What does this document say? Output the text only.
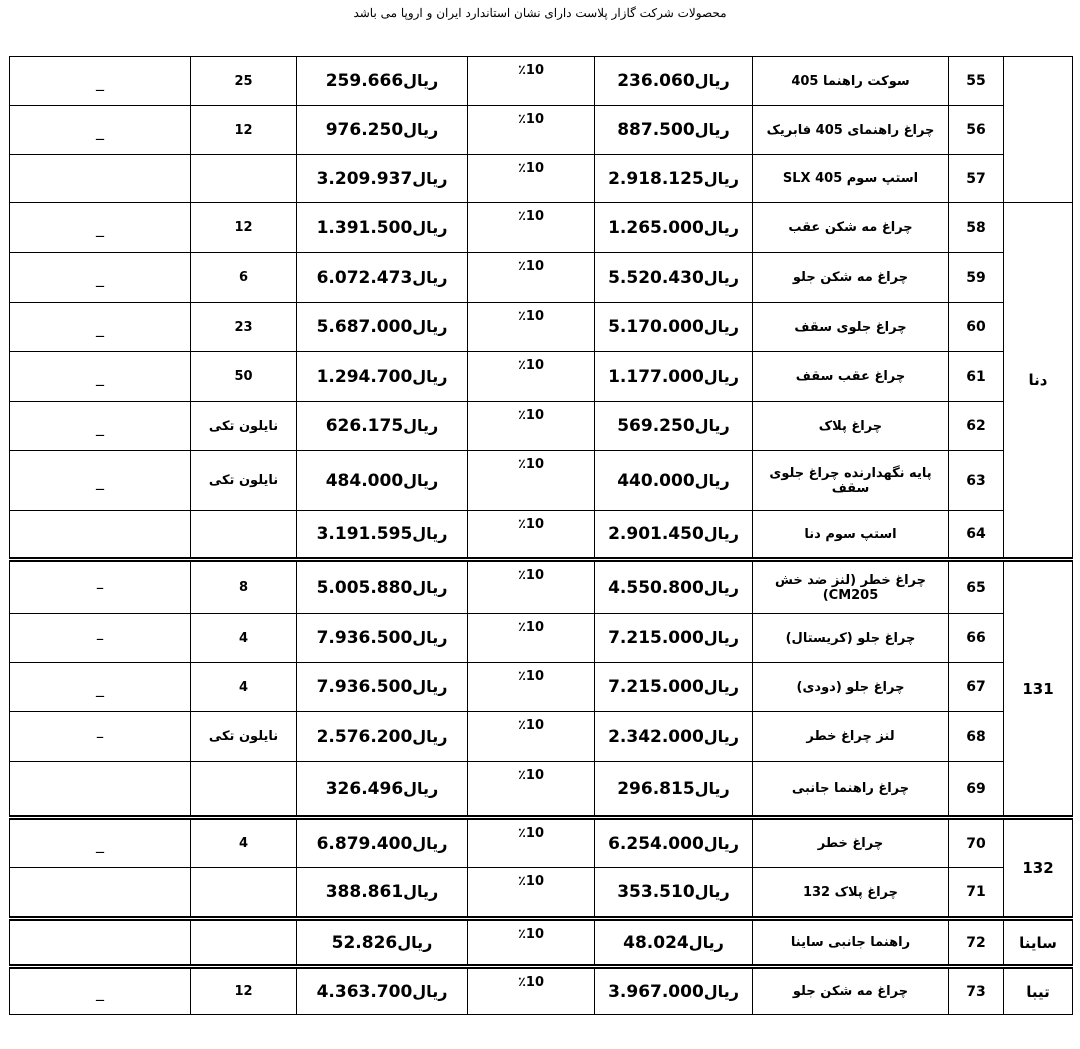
محصولات شرکت گازار پلاست دارای نشان استاندارد ایران و اروپا می باشد
	55	سوکت راهنما 405	ریال236.060	٪10	ریال259.666	25	_
	56	چراغ راهنمای 405 فابریک	ریال887.500	٪10	ریال976.250	12	_
	57	استپ سوم SLX 405	ریال2.918.125	٪10	ریال3.209.937		
دنا	58	چراغ مه شکن عقب	ریال1.265.000	٪10	ریال1.391.500	12	_
	59	چراغ مه شکن جلو	ریال5.520.430	٪10	ریال6.072.473	6	_
	60	چراغ جلوی سقف	ریال5.170.000	٪10	ریال5.687.000	23	_
	61	چراغ عقب سقف	ریال1.177.000	٪10	ریال1.294.700	50	_
	62	چراغ پلاک	ریال569.250	٪10	ریال626.175	نایلون تکی	_
	63	پایه نگهدارنده چراغ جلوی سقف	ریال440.000	٪10	ریال484.000	نایلون تکی	_
	64	استپ سوم دنا	ریال2.901.450	٪10	ریال3.191.595		
131	65	چراغ خطر (لنز ضد خش CM205)	ریال4.550.800	٪10	ریال5.005.880	8	–
	66	چراغ جلو (کریستال)	ریال7.215.000	٪10	ریال7.936.500	4	–
	67	چراغ جلو (دودی)	ریال7.215.000	٪10	ریال7.936.500	4	_
	68	لنز چراغ خطر	ریال2.342.000	٪10	ریال2.576.200	نایلون تکی	–
	69	چراغ راهنما جانبی	ریال296.815	٪10	ریال326.496		
132	70	چراغ خطر	ریال6.254.000	٪10	ریال6.879.400	4	_
	71	چراغ پلاک 132	ریال353.510	٪10	ریال388.861		
ساینا	72	راهنما جانبی ساینا	ریال48.024	٪10	ریال52.826		
تیبا	73	چراغ مه شکن جلو	ریال3.967.000	٪10	ریال4.363.700	12	_
